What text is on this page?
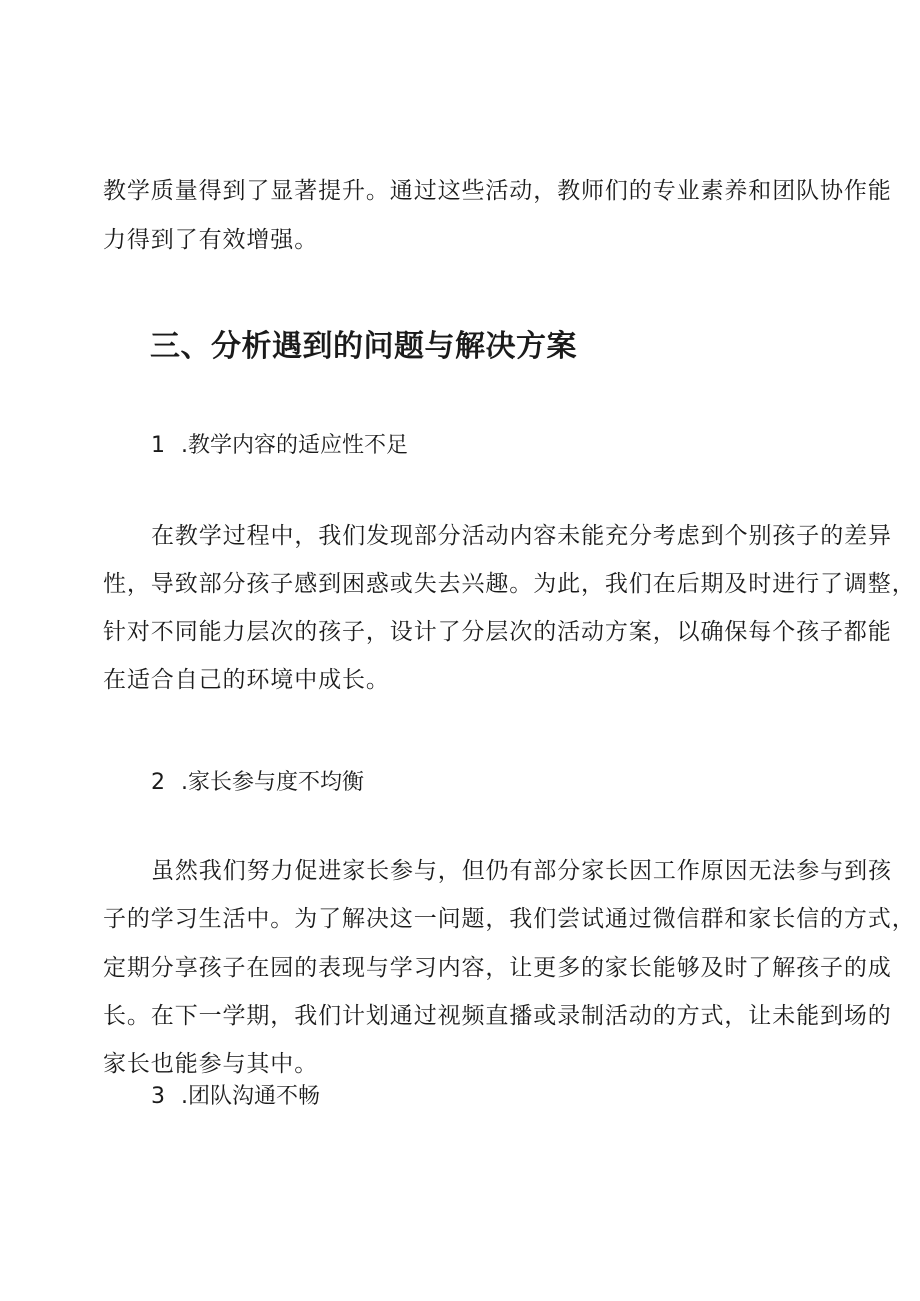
教学质量得到了显著提升。通过这些活动，教师们的专业素养和团队协作能
力得到了有效增强。
三、分析遇到的问题与解决方案
1 .教学内容的适应性不足
在教学过程中，我们发现部分活动内容未能充分考虑到个别孩子的差异
性，导致部分孩子感到困惑或失去兴趣。为此，我们在后期及时进行了调整，
针对不同能力层次的孩子，设计了分层次的活动方案，以确保每个孩子都能
在适合自己的环境中成长。
2 .家长参与度不均衡
虽然我们努力促进家长参与，但仍有部分家长因工作原因无法参与到孩
子的学习生活中。为了解决这一问题，我们尝试通过微信群和家长信的方式，
定期分享孩子在园的表现与学习内容，让更多的家长能够及时了解孩子的成
长。在下一学期，我们计划通过视频直播或录制活动的方式，让未能到场的
家长也能参与其中。
3 .团队沟通不畅
